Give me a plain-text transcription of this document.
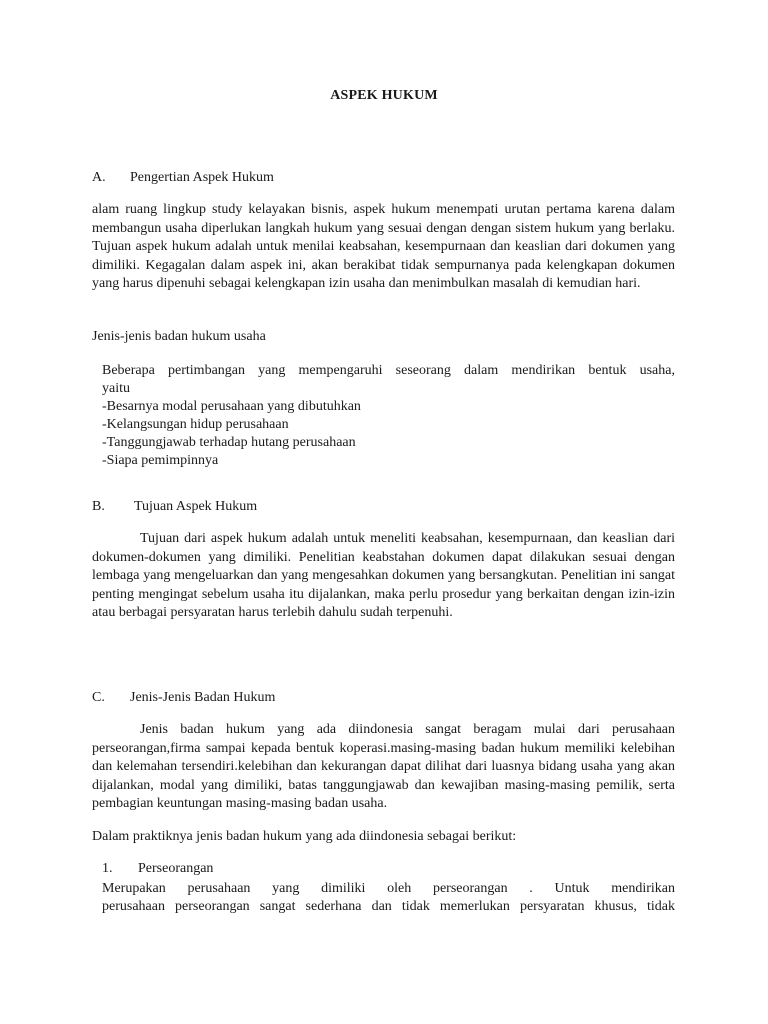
ASPEK HUKUM
A. Pengertian Aspek Hukum

alam ruang lingkup study kelayakan bisnis, aspek hukum menempati urutan pertama karena dalam membangun usaha diperlukan langkah hukum yang sesuai dengan dengan sistem hukum yang berlaku. Tujuan aspek hukum adalah untuk menilai keabsahan, kesempurnaan dan keaslian dari dokumen yang dimiliki. Kegagalan dalam aspek ini, akan berakibat tidak sempurnanya pada kelengkapan dokumen yang harus dipenuhi sebagai kelengkapan izin usaha dan menimbulkan masalah di kemudian hari.

Jenis-jenis badan hukum usaha
Beberapa pertimbangan yang mempengaruhi seseorang dalam mendirikan bentuk usaha,
yaitu
-Besarnya modal perusahaan yang dibutuhkan
-Kelangsungan hidup perusahaan
-Tanggungjawab terhadap hutang perusahaan
-Siapa pemimpinnya
B. Tujuan Aspek Hukum

Tujuan dari aspek hukum adalah untuk meneliti keabsahan, kesempurnaan, dan keaslian dari dokumen-dokumen yang dimiliki. Penelitian keabstahan dokumen dapat dilakukan sesuai dengan lembaga yang mengeluarkan dan yang mengesahkan dokumen yang bersangkutan. Penelitian ini sangat penting mengingat sebelum usaha itu dijalankan, maka perlu prosedur yang berkaitan dengan izin-izin atau berbagai persyaratan harus terlebih dahulu sudah terpenuhi.

C. Jenis-Jenis Badan Hukum

Jenis badan hukum yang ada diindonesia sangat beragam mulai dari perusahaan perseorangan,firma sampai kepada bentuk koperasi.masing-masing badan hukum memiliki kelebihan dan kelemahan tersendiri.kelebihan dan kekurangan dapat dilihat dari luasnya bidang usaha yang akan dijalankan, modal yang dimiliki, batas tanggungjawab dan kewajiban masing-masing pemilik, serta pembagian keuntungan masing-masing badan usaha.

Dalam praktiknya jenis badan hukum yang ada diindonesia sebagai berikut:
1. Perseorangan
Merupakan perusahaan yang dimiliki oleh perseorangan . Untuk mendirikan
perusahaan perseorangan sangat sederhana dan tidak memerlukan persyaratan khusus, tidak
